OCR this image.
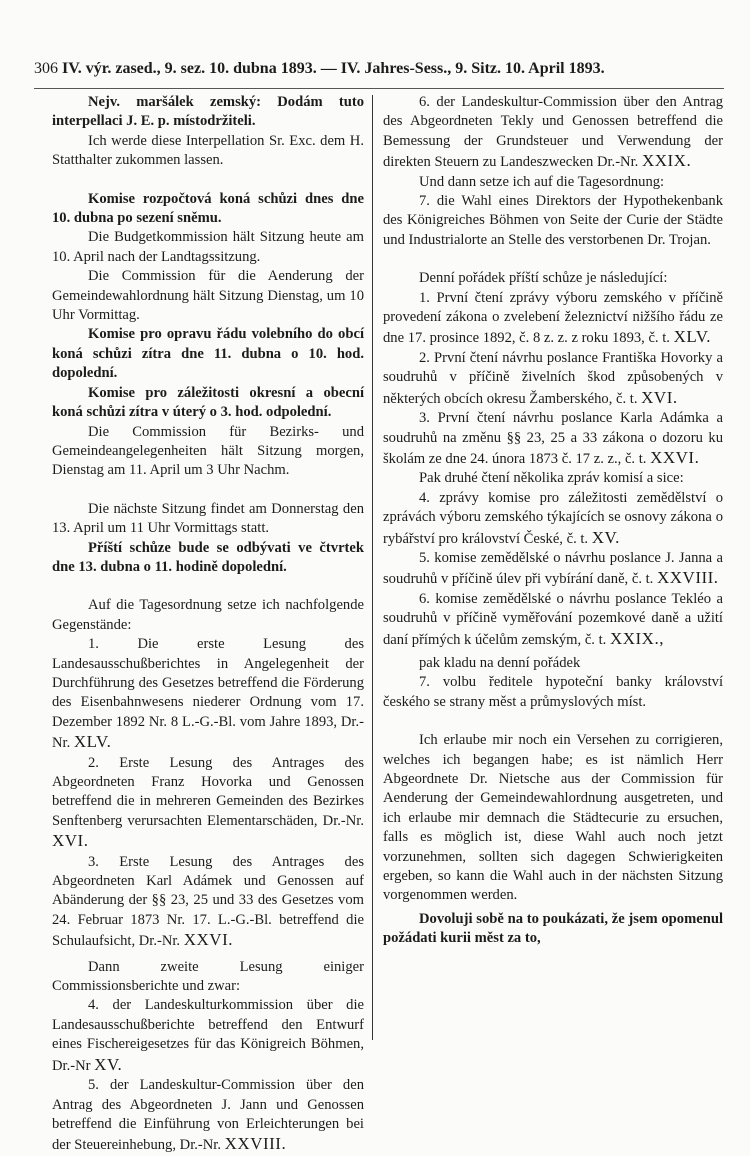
306 IV. výr. zased., 9. sez. 10. dubna 1893. — IV. Jahres-Sess., 9. Sitz. 10. April 1893.

Nejv. maršálek zemský: Dodám tuto interpellaci J. E. p. místodržiteli.

Ich werde diese Interpellation Sr. Exc. dem H. Statthalter zukommen lassen.

Komise rozpočtová koná schůzi dnes dne 10. dubna po sezení sněmu.

Die Budgetkommission hält Sitzung heute am 10. April nach der Landtagssitzung.

Die Commission für die Aenderung der Gemeindewahlordnung hält Sitzung Dienstag, um 10 Uhr Vormittag.

Komise pro opravu řádu volebního do obcí koná schůzi zítra dne 11. dubna o 10. hod. dopolední.

Komise pro záležitosti okresní a obecní koná schůzi zítra v úterý o 3. hod. odpolední.

Die Commission für Bezirks- und Gemeindeangelegenheiten hält Sitzung morgen, Dienstag am 11. April um 3 Uhr Nachm.

Die nächste Sitzung findet am Donnerstag den 13. April um 11 Uhr Vormittags statt.

Příští schůze bude se odbývati ve čtvrtek dne 13. dubna o 11. hodině dopolední.

Auf die Tagesordnung setze ich nachfolgende Gegenstände:

1. Die erste Lesung des Landesausschußberichtes in Angelegenheit der Durchführung des Gesetzes betreffend die Förderung des Eisenbahnwesens niederer Ordnung vom 17. Dezember 1892 Nr. 8 L.-G.-Bl. vom Jahre 1893, Dr.-Nr. XLV.

2. Erste Lesung des Antrages des Abgeordneten Franz Hovorka und Genossen betreffend die in mehreren Gemeinden des Bezirkes Senftenberg verursachten Elementarschäden, Dr.-Nr. XVI.

3. Erste Lesung des Antrages des Abgeordneten Karl Adámek und Genossen auf Abänderung der §§ 23, 25 und 33 des Gesetzes vom 24. Februar 1873 Nr. 17. L.-G.-Bl. betreffend die Schulaufsicht, Dr.-Nr. XXVI.

Dann zweite Lesung einiger Commissionsberichte und zwar:

4. der Landeskulturkommission über die Landesausschußberichte betreffend den Entwurf eines Fischereigesetzes für das Königreich Böhmen, Dr.-Nr XV.

5. der Landeskultur-Commission über den Antrag des Abgeordneten J. Jann und Genossen betreffend die Einführung von Erleichterungen bei der Steuereinhebung, Dr.-Nr. XXVIII.

6. der Landeskultur-Commission über den Antrag des Abgeordneten Tekly und Genossen betreffend die Bemessung der Grundsteuer und Verwendung der direkten Steuern zu Landeszwecken Dr.-Nr. XXIX.

Und dann setze ich auf die Tagesordnung:

7. die Wahl eines Direktors der Hypothekenbank des Königreiches Böhmen von Seite der Curie der Städte und Industrialorte an Stelle des verstorbenen Dr. Trojan.

Denní pořádek příští schůze je následující:

1. První čtení zprávy výboru zemského v příčině provedení zákona o zvelebení železnictví nižšího řádu ze dne 17. prosince 1892, č. 8 z. z. z roku 1893, č. t. XLV.

2. První čtení návrhu poslance Františka Hovorky a soudruhů v příčině živelních škod způsobených v některých obcích okresu Žamberského, č. t. XVI.

3. První čtení návrhu poslance Karla Adámka a soudruhů na změnu §§ 23, 25 a 33 zákona o dozoru ku školám ze dne 24. února 1873 č. 17 z. z., č. t. XXVI.

Pak druhé čtení několika zpráv komisí a sice:

4. zprávy komise pro záležitosti zemědělství o zprávách výboru zemského týkajících se osnovy zákona o rybářství pro království České, č. t. XV.

5. komise zemědělské o návrhu poslance J. Janna a soudruhů v příčině úlev při vybírání daně, č. t. XXVIII.

6. komise zemědělské o návrhu poslance Tekléo a soudruhů v příčině vyměřování pozemkové daně a užití daní přímých k účelům zemským, č. t. XXIX.,

pak kladu na denní pořádek

7. volbu ředitele hypoteční banky království českého se strany měst a průmyslových míst.

Ich erlaube mir noch ein Versehen zu corrigieren, welches ich begangen habe; es ist nämlich Herr Abgeordnete Dr. Nietsche aus der Commission für Aenderung der Gemeindewahlordnung ausgetreten, und ich erlaube mir demnach die Städtecurie zu ersuchen, falls es möglich ist, diese Wahl auch noch jetzt vorzunehmen, sollten sich dagegen Schwierigkeiten ergeben, so kann die Wahl auch in der nächsten Sitzung vorgenommen werden.

Dovoluji sobě na to poukázati, že jsem opomenul požádati kurii měst za to,
